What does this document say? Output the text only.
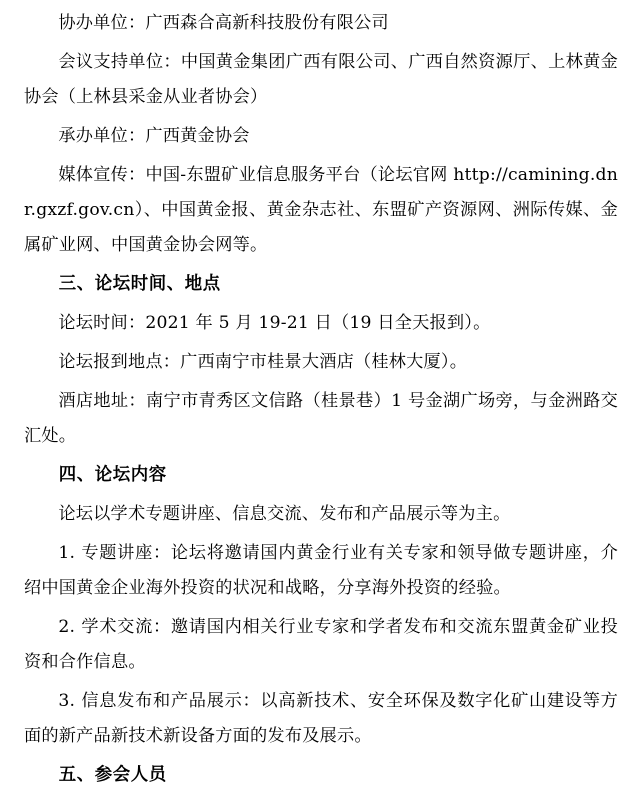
协办单位：广西森合高新科技股份有限公司

会议支持单位：中国黄金集团广西有限公司、广西自然资源厅、上林黄金协会（上林县采金从业者协会）

承办单位：广西黄金协会

媒体宣传：中国‑东盟矿业信息服务平台（论坛官网 http://camining.dnr.gxzf.gov.cn）、中国黄金报、黄金杂志社、东盟矿产资源网、洲际传媒、金属矿业网、中国黄金协会网等。

三、论坛时间、地点

论坛时间：2021 年 5 月 19-21 日（19 日全天报到）。

论坛报到地点：广西南宁市桂景大酒店（桂林大厦）。

酒店地址：南宁市青秀区文信路（桂景巷）1 号金湖广场旁，与金洲路交汇处。

四、论坛内容

论坛以学术专题讲座、信息交流、发布和产品展示等为主。

1. 专题讲座：论坛将邀请国内黄金行业有关专家和领导做专题讲座，介绍中国黄金企业海外投资的状况和战略，分享海外投资的经验。

2. 学术交流：邀请国内相关行业专家和学者发布和交流东盟黄金矿业投资和合作信息。

3. 信息发布和产品展示：以高新技术、安全环保及数字化矿山建设等方面的新产品新技术新设备方面的发布及展示。

五、参会人员
